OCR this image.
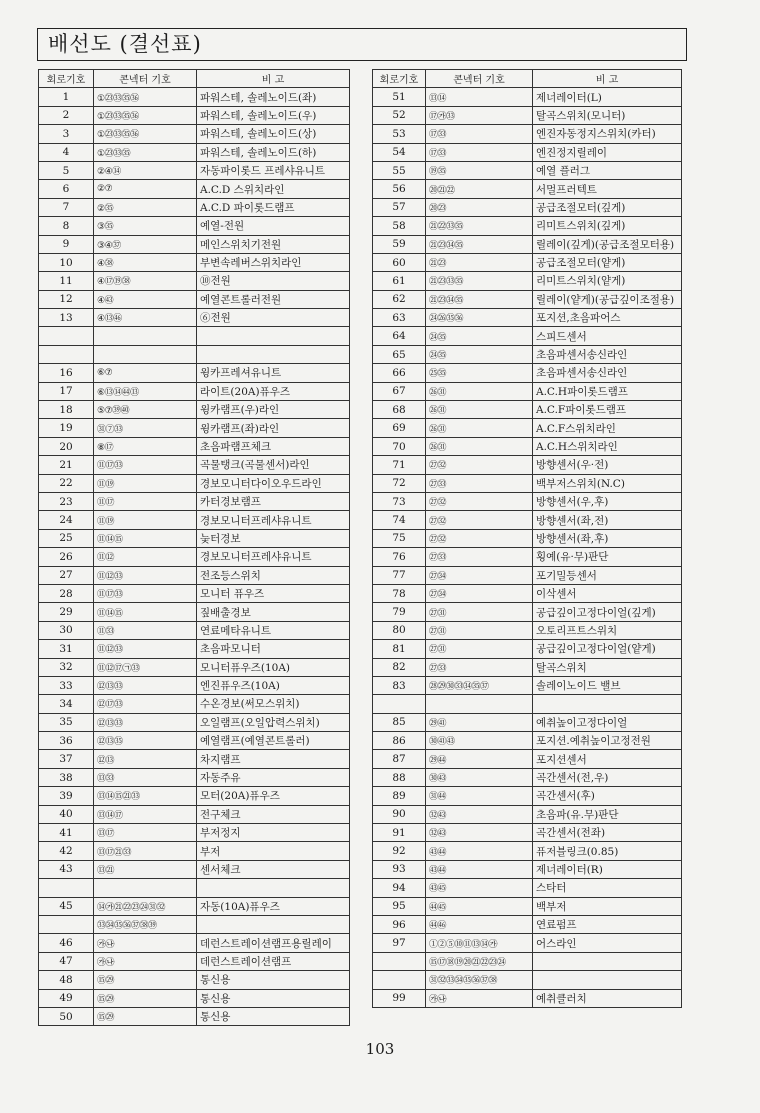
배선도 (결선표)
회로기호	콘넥터 기호	비 고
1	①㉓㉝㉟㊱	파워스테, 솔레노이드(좌)
2	①㉓㉝㉟㊱	파워스테, 솔레노이드(우)
3	①㉓㉝㉟㊱	파워스테, 솔레노이드(상)
4	①㉓㉝㉟	파워스테, 솔레노이드(하)
5	②④⑭	자동파이롯드 프레샤유니트
6	②⑦	A.C.D 스위치라인
7	②㉟	A.C.D 파이롯드램프
8	③㉟	예열-전원
9	③④㊲	메인스위치기전원
10	④㊳	부변속레버스위치라인
11	④⑰⑲㊳	⑩전원
12	④㊸	예열콘트롤러전원
13	④⑬㊻	⑥전원

16	⑥⑦	윙카프레셔유니트
17	⑥⑬⑭㊹⑬	라이트(20A)퓨우즈
18	⑤⑦㊴㊵	윙카램프(우)라인
19	㉛⑦㉝	윙카램프(좌)라인
20	⑧⑰	초음파램프체크
21	⑪⑰㉝	곡물탱크(곡물센서)라인
22	⑪⑲	경보모니터다이오우드라인
23	⑪⑰	카터경보램프
24	⑪⑲	경보모니터프레샤유니트
25	⑪⑭⑮	눚터경보
26	⑪⑫	경보모니터프레샤유니트
27	⑪⑫㉝	전조등스위치
28	⑪⑰㉝	모니터 퓨우즈
29	⑪⑭⑮	짚배출경보
30	⑪㉝	연료메타유니트
31	⑪⑫㉝	초음파모니터
32	⑪⑫⑰㉠㉝	모니터퓨우즈(10A)
33	⑫⑬㉝	엔진퓨우즈(10A)
34	⑫⑰㉝	수온경보(써모스위치)
35	⑫⑬㉝	오일램프(오일압력스위치)
36	⑫⑬㉟	예열램프(예열콘트롤러)
37	⑫⑬	차지램프
38	⑬㉝	자동주유
39	⑬⑭⑮㉑㉝	모터(20A)퓨우즈
40	⑬⑭⑰	전구체크
41	⑬⑰	부저정지
42	⑬⑰㉑㉝	부저
43	⑬㉑	센서체크

45	⑭㉮㉑㉒㉓㉔㉛㉜	자동(10A)퓨우즈
	㉝㉞㉟㊱㊲㊳㊴	
46	㉮㉯	데런스트레이션램프용릴레이
47	㉮㉯	데런스트레이션램프
48	⑮㉙	통신용
49	⑮㉙	통신용
50	⑮㉙	통신용
회로기호	콘넥터 기호	비 고
51	⑬⑭	제너레이터(L)
52	⑰㉮㉝	탈곡스위치(모니터)
53	⑰㉝	엔진자동정지스위치(카터)
54	⑰㉝	엔진정지릴레이
55	⑲㉟	예열 플러그
56	⑳㉑㉒	서멀프러텍트
57	⑳㉓	공급조절모터(깊게)
58	㉑㉒㉝㉟	리미트스위치(깊게)
59	㉑㉓㉞㉟	릴레이(깊게)(공급조절모터용)
60	㉑㉓	공급조절모터(얕게)
61	㉑㉓㉝㉟	리미트스위치(얕게)
62	㉑㉓㉞㉟	릴레이(얕게)(공급깊이조절용)
63	㉔㉖㉟㊱	포지션,초음파어스
64	㉔㉟	스피드센서
65	㉔㉟	초음파센서송신라인
66	㉕㉟	초음파센서송신라인
67	㉖㉛	A.C.H파이롯드램프
68	㉖㉛	A.C.F파이롯드램프
69	㉖㉛	A.C.F스위치라인
70	㉖㉛	A.C.H스위치라인
71	㉗㉜	방향센서(우·전)
72	㉗㉝	백부저스위치(N.C)
73	㉗㉜	방향센서(우,후)
74	㉗㉜	방향센서(좌,전)
75	㉗㉜	방향센서(좌,후)
76	㉗㉝	횡예(유·무)판단
77	㉗㉞	포기밀등센서
78	㉗㉞	이삭센서
79	㉗㉛	공급깊이고정다이얼(깊게)
80	㉗㉛	오토리프트스위치
81	㉗㉛	공급깊이고정다이얼(얕게)
82	㉗㉝	탈곡스위치
83	㉘㉙㉚㉝㉞㉟㊲	솔레이노이드 밸브

85	㉙㊶	예취높이고정다이얼
86	㉚㊶㊸	포지션.예취높이고정전원
87	㉙㊹	포지션센서
88	㉚㊸	곡간센서(전,우)
89	㉛㊹	곡간센서(후)
90	㉜㊸	초음파(유.무)판단
91	㉜㊸	곡간센서(전좌)
92	㊸㊹	퓨저블링크(0.85)
93	㊸㊹	제너레이터(R)
94	㊸㊺	스타터
95	㊹㊺	백부저
96	㊹㊻	연료펌프
97	①②⑤⑩⑪⑬⑭㉮	어스라인
	⑮⑰⑱⑲⑳㉑㉒㉓㉔	
	㉛㉜㉝㉞㉟㊱㊲㊳	
99	㉮㉯	예취클러치
103
